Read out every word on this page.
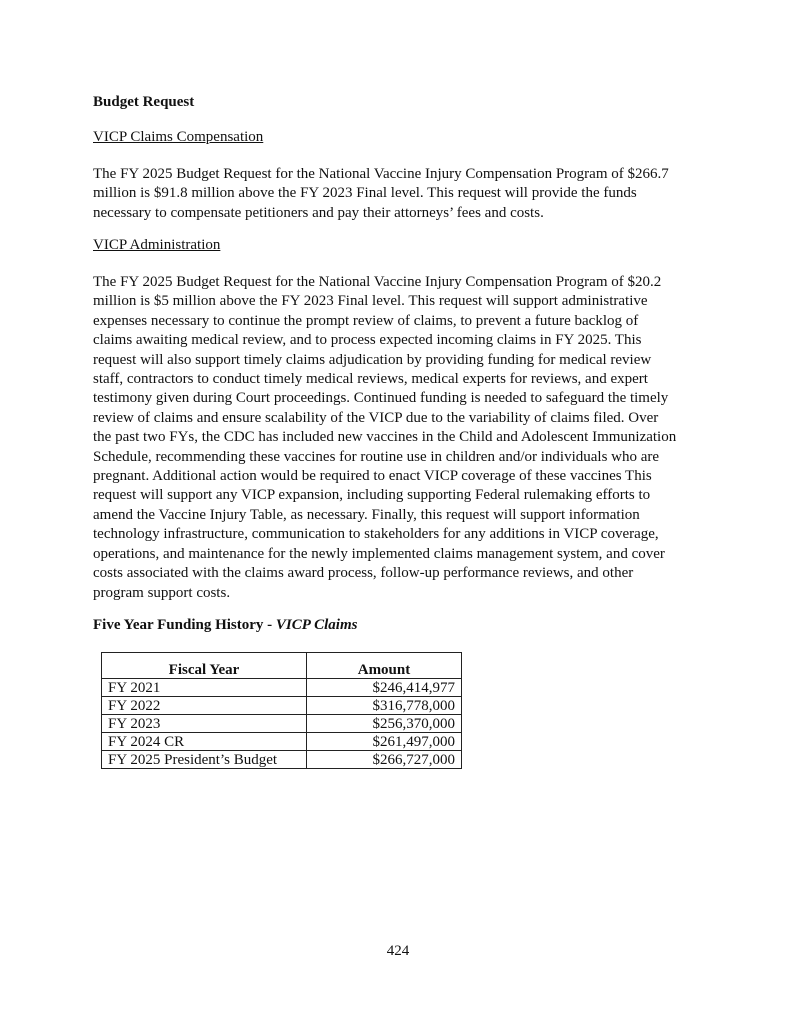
Budget Request
VICP Claims Compensation

The FY 2025 Budget Request for the National Vaccine Injury Compensation Program of $266.7
million is $91.8 million above the FY 2023 Final level. This request will provide the funds
necessary to compensate petitioners and pay their attorneys’ fees and costs.

VICP Administration

The FY 2025 Budget Request for the National Vaccine Injury Compensation Program of $20.2
million is $5 million above the FY 2023 Final level. This request will support administrative
expenses necessary to continue the prompt review of claims, to prevent a future backlog of
claims awaiting medical review, and to process expected incoming claims in FY 2025. This
request will also support timely claims adjudication by providing funding for medical review
staff, contractors to conduct timely medical reviews, medical experts for reviews, and expert
testimony given during Court proceedings. Continued funding is needed to safeguard the timely
review of claims and ensure scalability of the VICP due to the variability of claims filed. Over
the past two FYs, the CDC has included new vaccines in the Child and Adolescent Immunization
Schedule, recommending these vaccines for routine use in children and/or individuals who are
pregnant. Additional action would be required to enact VICP coverage of these vaccines This
request will support any VICP expansion, including supporting Federal rulemaking efforts to
amend the Vaccine Injury Table, as necessary. Finally, this request will support information
technology infrastructure, communication to stakeholders for any additions in VICP coverage,
operations, and maintenance for the newly implemented claims management system, and cover
costs associated with the claims award process, follow-up performance reviews, and other
program support costs.

Five Year Funding History - VICP Claims
Fiscal Year	Amount
FY 2021	$246,414,977
FY 2022	$316,778,000
FY 2023	$256,370,000
FY 2024 CR	$261,497,000
FY 2025 President’s Budget	$266,727,000
424
